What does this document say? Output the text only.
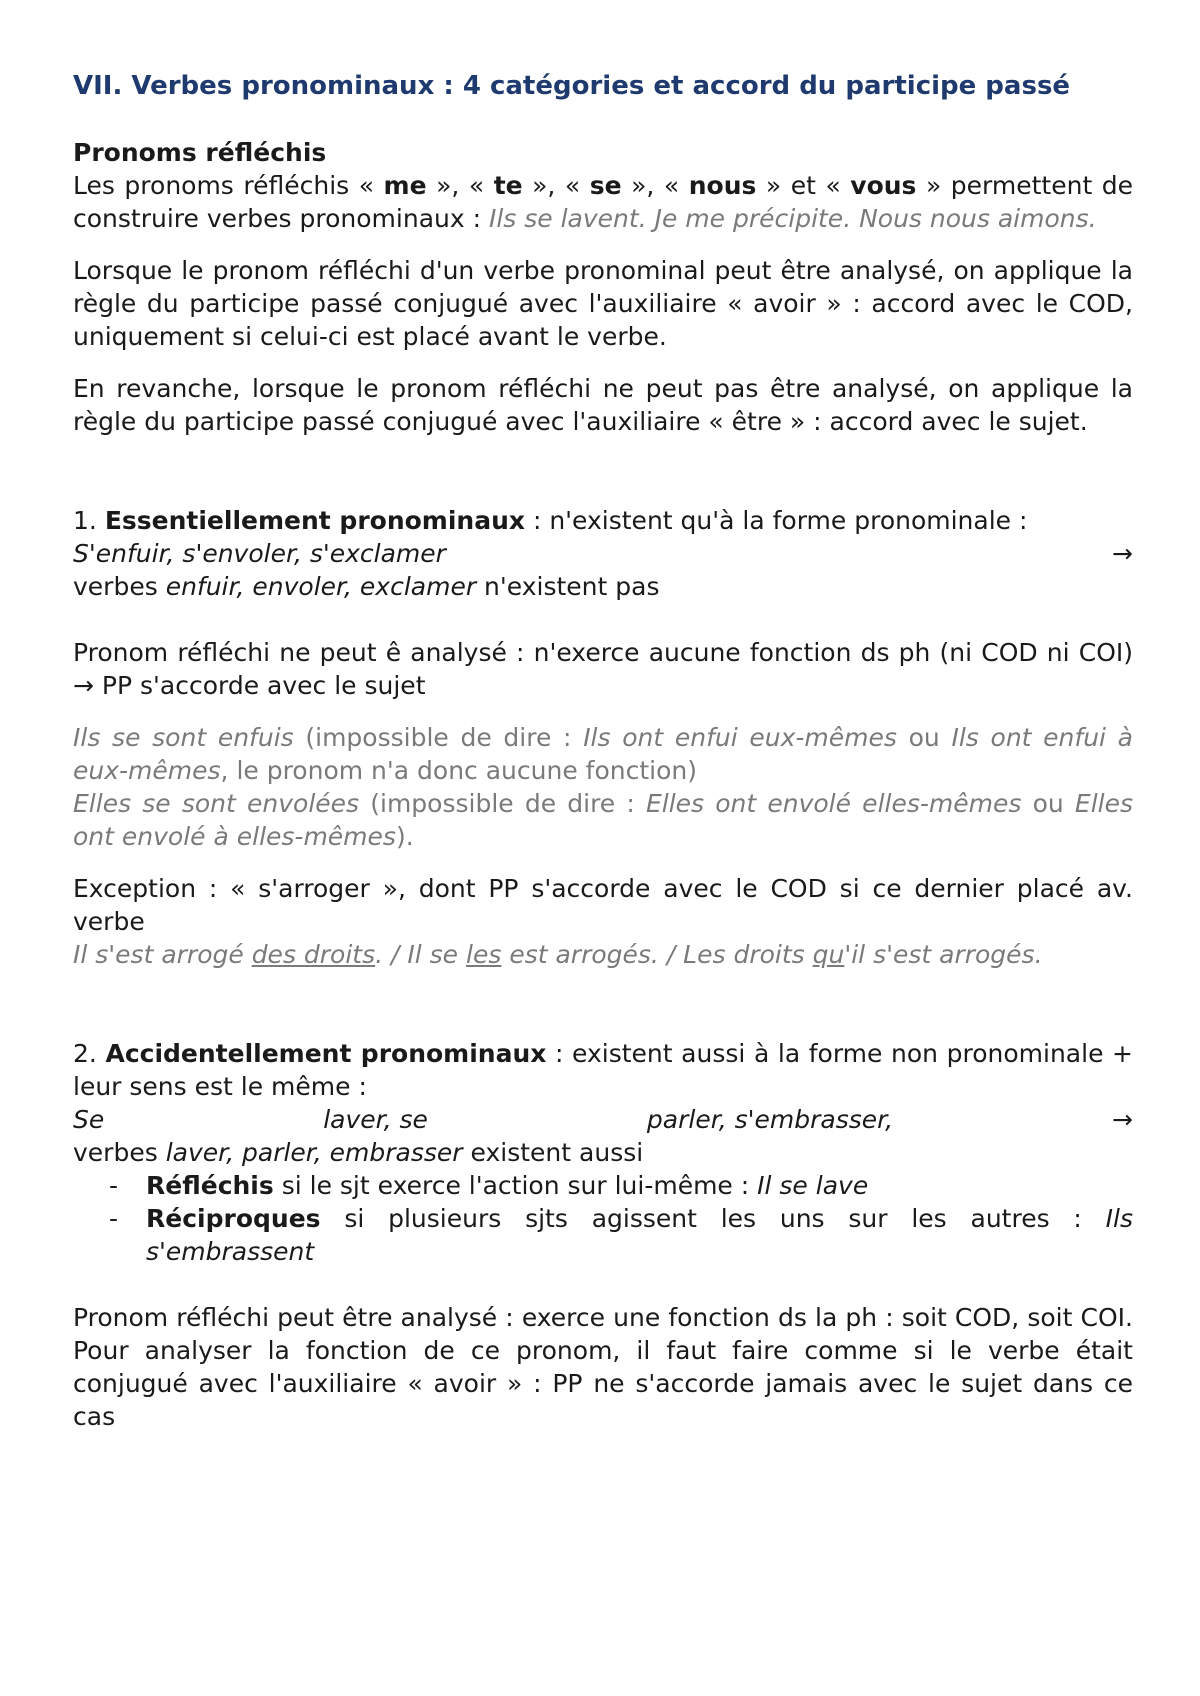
VII. Verbes pronominaux : 4 catégories et accord du participe passé

Pronoms réfléchis

Les pronoms réfléchis « me », « te », « se », « nous » et « vous » permettent de construire verbes pronominaux : Ils se lavent. Je me précipite. Nous nous aimons.

Lorsque le pronom réfléchi d'un verbe pronominal peut être analysé, on applique la règle du participe passé conjugué avec l'auxiliaire « avoir » : accord avec le COD, uniquement si celui-ci est placé avant le verbe.

En revanche, lorsque le pronom réfléchi ne peut pas être analysé, on applique la règle du participe passé conjugué avec l'auxiliaire « être » : accord avec le sujet.

1. Essentiellement pronominaux : n'existent qu'à la forme pronominale :

S'enfuir, s'envoler, s'exclamer	→

verbes enfuir, envoler, exclamer n'existent pas

Pronom réfléchi ne peut ê analysé : n'exerce aucune fonction ds ph (ni COD ni COI) → PP s'accorde avec le sujet

Ils se sont enfuis (impossible de dire : Ils ont enfui eux-mêmes ou Ils ont enfui à eux-mêmes, le pronom n'a donc aucune fonction)

Elles se sont envolées (impossible de dire : Elles ont envolé elles-mêmes ou Elles ont envolé à elles-mêmes).

Exception : « s'arroger », dont PP s'accorde avec le COD si ce dernier placé av. verbe

Il s'est arrogé des droits. / Il se les est arrogés. / Les droits qu'il s'est arrogés.

2. Accidentellement pronominaux : existent aussi à la forme non pronominale + leur sens est le même :

Se	laver, se	parler, s'embrasser,	→

verbes laver, parler, embrasser existent aussi

- Réfléchis si le sjt exerce l'action sur lui-même : Il se lave
- Réciproques si plusieurs sjts agissent les uns sur les autres : Ils s'embrassent

Pronom réfléchi peut être analysé : exerce une fonction ds la ph : soit COD, soit COI. Pour analyser la fonction de ce pronom, il faut faire comme si le verbe était conjugué avec l'auxiliaire « avoir » : PP ne s'accorde jamais avec le sujet dans ce cas
